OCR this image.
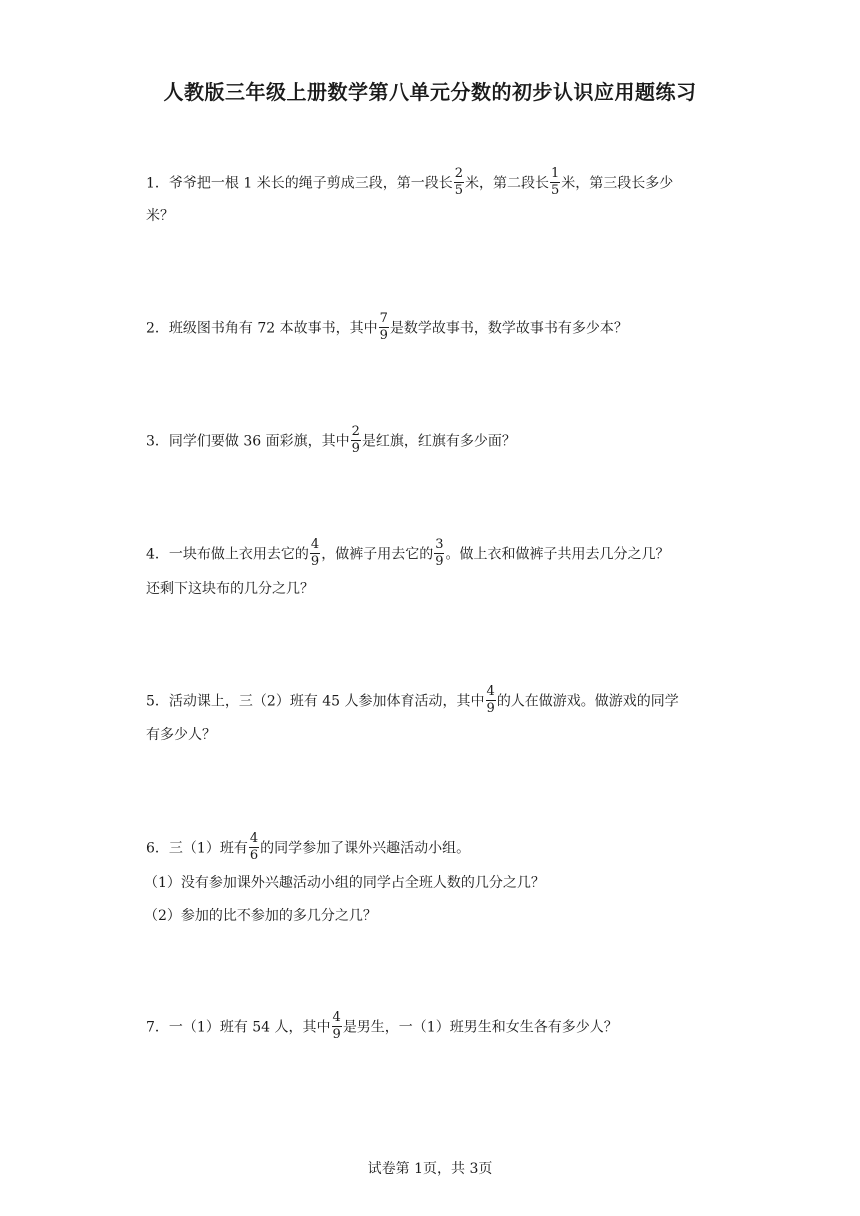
人教版三年级上册数学第八单元分数的初步认识应用题练习
1．爷爷把一根 1 米长的绳子剪成三段，第一段长 $\frac{2}{5}$ 米，第二段长 $\frac{1}{5}$ 米，第三段长多少
米？
2．班级图书角有 72 本故事书，其中 $\frac{7}{9}$ 是数学故事书，数学故事书有多少本？
3．同学们要做 36 面彩旗，其中 $\frac{2}{9}$ 是红旗，红旗有多少面？
4．一块布做上衣用去它的 $\frac{4}{9}$ ，做裤子用去它的 $\frac{3}{9}$ 。做上衣和做裤子共用去几分之几？
还剩下这块布的几分之几？
5．活动课上，三（2）班有 45 人参加体育活动，其中 $\frac{4}{9}$ 的人在做游戏。做游戏的同学
有多少人？
6．三（1）班有 $\frac{4}{6}$ 的同学参加了课外兴趣活动小组。
（1）没有参加课外兴趣活动小组的同学占全班人数的几分之几？
（2）参加的比不参加的多几分之几？
7．一（1）班有 54 人，其中 $\frac{4}{9}$ 是男生，一（1）班男生和女生各有多少人？
试卷第 1页，共 3页
